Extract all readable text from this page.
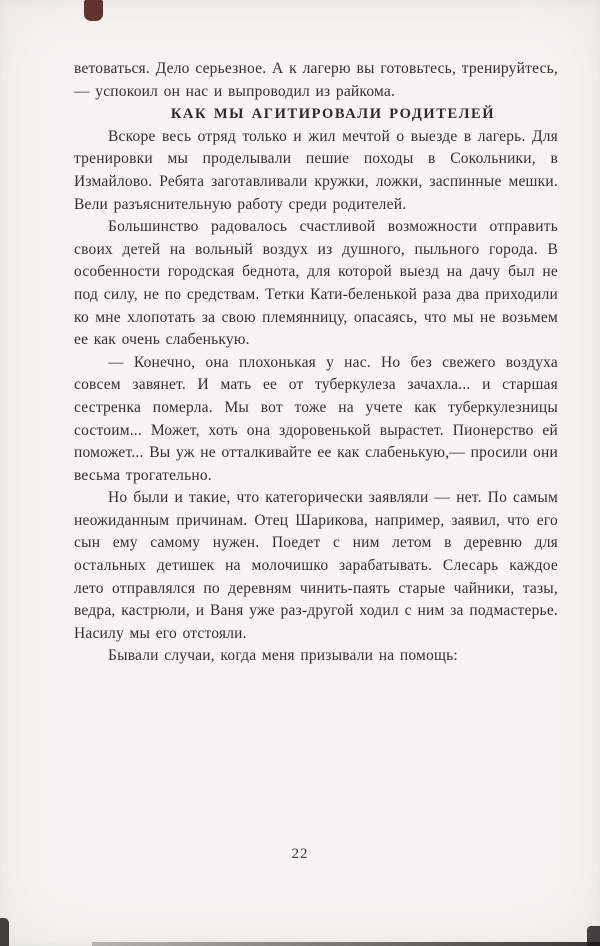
ветоваться. Дело серьезное. А к лагерю вы готовьтесь, тренируйтесь,— успокоил он нас и выпроводил из райкома.

КАК МЫ АГИТИРОВАЛИ РОДИТЕЛЕЙ

Вскоре весь отряд только и жил мечтой о выезде в лагерь. Для тренировки мы проделывали пешие походы в Сокольники, в Измайлово. Ребята заготавливали кружки, ложки, заспинные мешки. Вели разъяснительную работу среди родителей.

Большинство радовалось счастливой возможности отправить своих детей на вольный воздух из душного, пыльного города. В особенности городская беднота, для которой выезд на дачу был не под силу, не по средствам. Тетки Кати-беленькой раза два приходили ко мне хлопотать за свою племянницу, опасаясь, что мы не возьмем ее как очень слабенькую.

— Конечно, она плохонькая у нас. Но без свежего воздуха совсем завянет. И мать ее от туберкулеза зачахла... и старшая сестренка померла. Мы вот тоже на учете как туберкулезницы состоим... Может, хоть она здоровенькой вырастет. Пионерство ей поможет... Вы уж не отталкивайте ее как слабенькую,— просили они весьма трогательно.

Но были и такие, что категорически заявляли — нет. По самым неожиданным причинам. Отец Шарикова, например, заявил, что его сын ему самому нужен. Поедет с ним летом в деревню для остальных детишек на молочишко зарабатывать. Слесарь каждое лето отправлялся по деревням чинить-паять старые чайники, тазы, ведра, кастрюли, и Ваня уже раз-другой ходил с ним за подмастерье. Насилу мы его отстояли.

Бывали случаи, когда меня призывали на помощь:

22
